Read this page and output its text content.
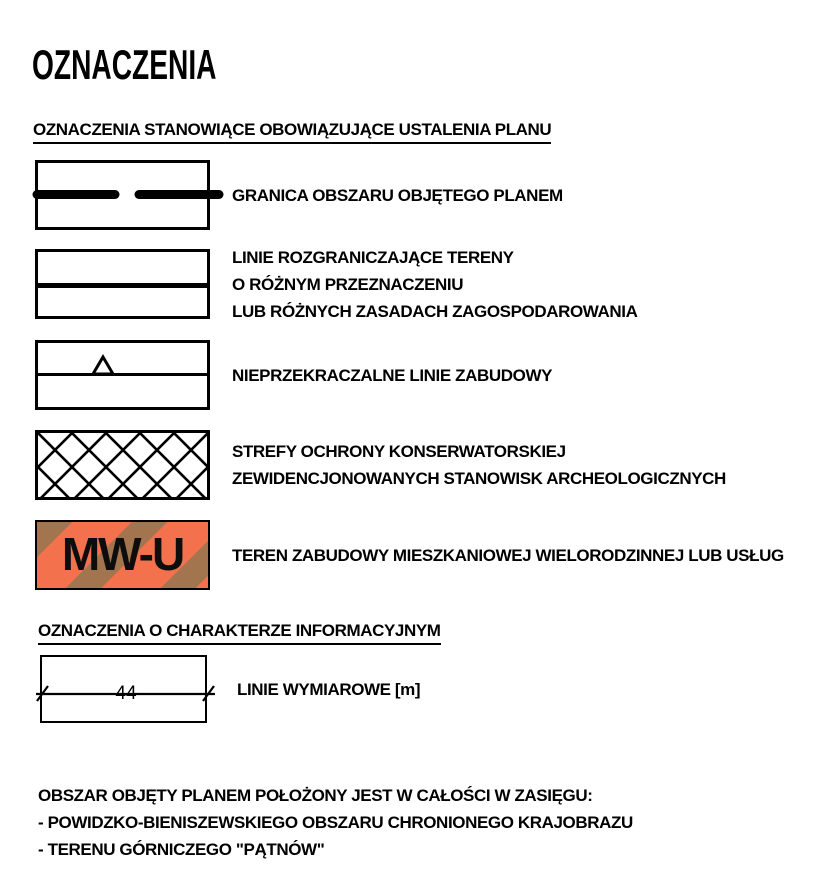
OZNACZENIA
OZNACZENIA STANOWIĄCE OBOWIĄZUJĄCE USTALENIA PLANU
GRANICA OBSZARU OBJĘTEGO PLANEM
LINIE ROZGRANICZAJĄCE TERENY
O RÓŻNYM PRZEZNACZENIU
LUB RÓŻNYCH ZASADACH ZAGOSPODAROWANIA
NIEPRZEKRACZALNE LINIE ZABUDOWY
STREFY OCHRONY KONSERWATORSKIEJ
ZEWIDENCJONOWANYCH STANOWISK ARCHEOLOGICZNYCH
MW-U	TEREN ZABUDOWY MIESZKANIOWEJ WIELORODZINNEJ LUB USŁUG
OZNACZENIA O CHARAKTERZE INFORMACYJNYM
44	LINIE WYMIAROWE [m]
OBSZAR OBJĘTY PLANEM POŁOŻONY JEST W CAŁOŚCI W ZASIĘGU:
- POWIDZKO-BIENISZEWSKIEGO OBSZARU CHRONIONEGO KRAJOBRAZU
- TERENU GÓRNICZEGO "PĄTNÓW"
